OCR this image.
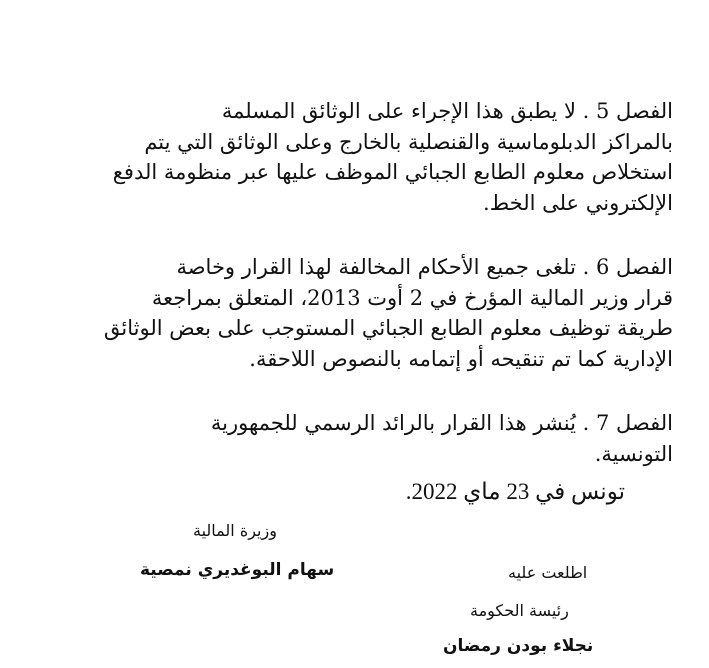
الفصل 5 . لا يطبق هذا الإجراء على الوثائق المسلمة
بالمراكز الدبلوماسية والقنصلية بالخارج وعلى الوثائق التي يتم
استخلاص معلوم الطابع الجبائي الموظف عليها عبر منظومة الدفع
الإلكتروني على الخط.
الفصل 6 . تلغى جميع الأحكام المخالفة لهذا القرار وخاصة
قرار وزير المالية المؤرخ في 2 أوت 2013، المتعلق بمراجعة
طريقة توظيف معلوم الطابع الجبائي المستوجب على بعض الوثائق
الإدارية كما تم تنقيحه أو إتمامه بالنصوص اللاحقة.
الفصل 7 . يُنشر هذا القرار بالرائد الرسمي للجمهورية
التونسية.
تونس في 23 ماي 2022.
وزيرة المالية
سهام البوغديري نمصية	اطلعت عليه
رئيسة الحكومة
نجلاء بودن رمضان
